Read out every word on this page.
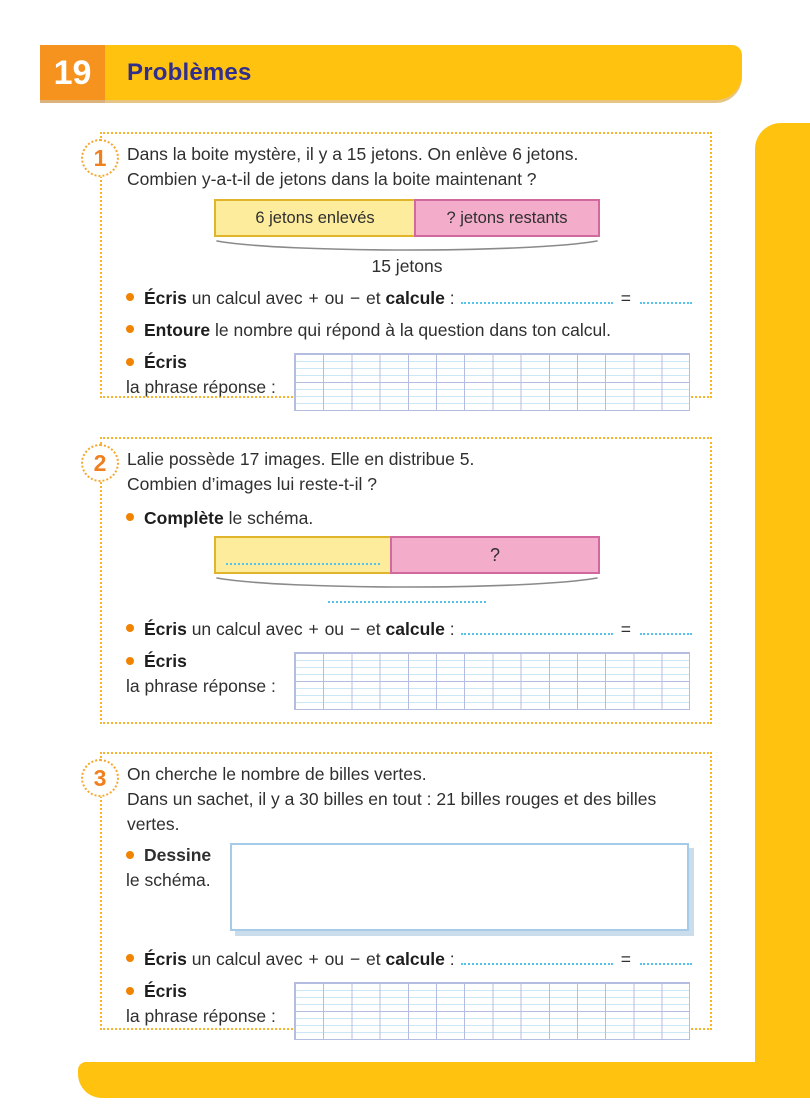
19 Problèmes
1 Dans la boite mystère, il y a 15 jetons. On enlève 6 jetons.
Combien y-a-t-il de jetons dans la boite maintenant ?
6 jetons enlevés	? jetons restants
15 jetons
Écris un calcul avec + ou − et calcule :	=
Entoure le nombre qui répond à la question dans ton calcul.
Écris
la phrase réponse :
2 Lalie possède 17 images. Elle en distribue 5.
Combien d’images lui reste-t-il ?
Complète le schéma.
?
Écris un calcul avec + ou − et calcule :	=
Écris
la phrase réponse :
3 On cherche le nombre de billes vertes.
Dans un sachet, il y a 30 billes en tout : 21 billes rouges et des billes vertes.
Dessine
le schéma.
Écris un calcul avec + ou − et calcule :	=
Écris
la phrase réponse :
